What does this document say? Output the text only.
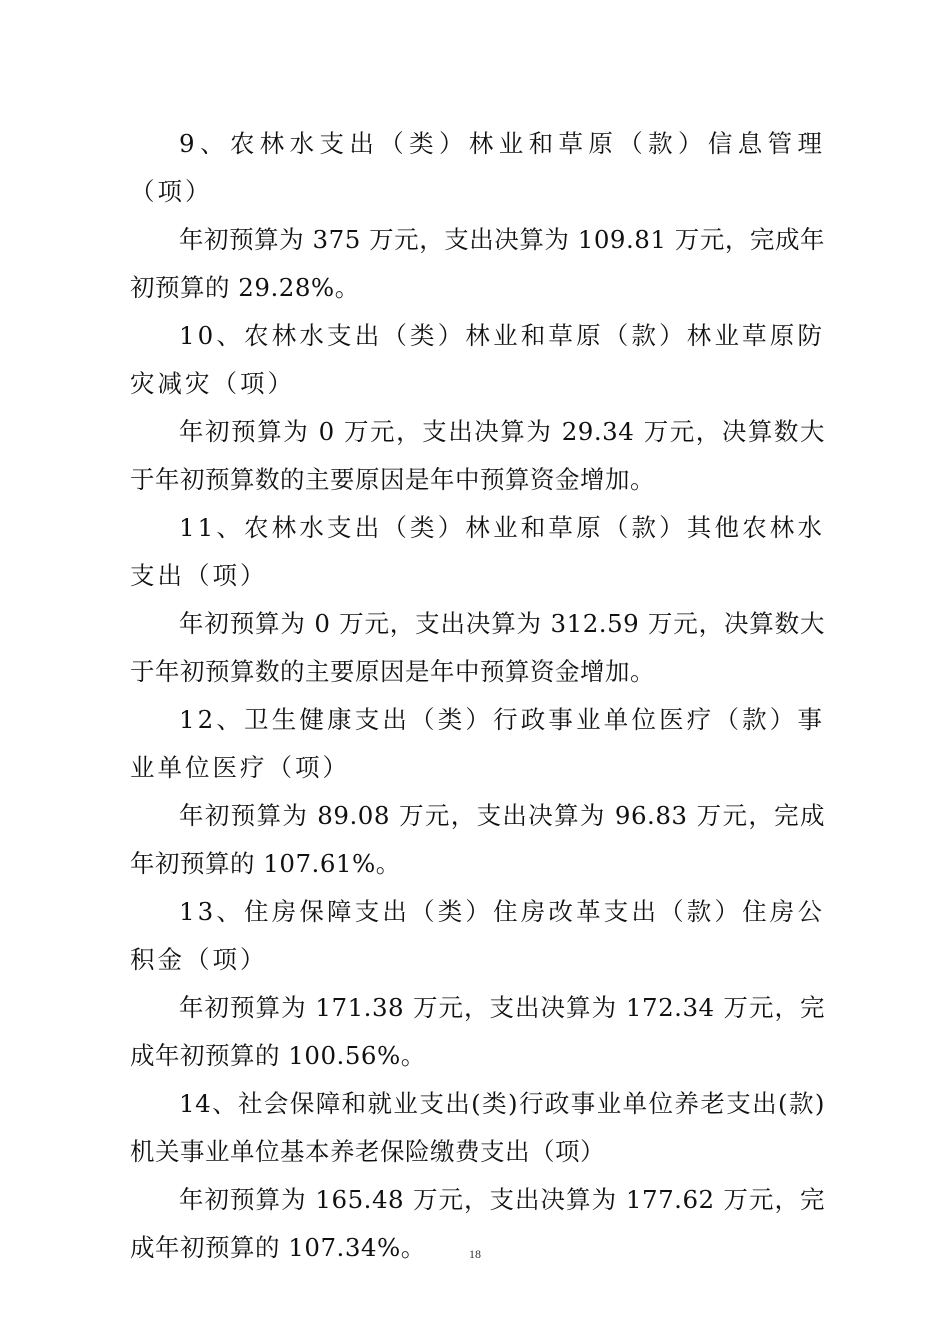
9、农林水支出（类）林业和草原（款）信息管理（项）

年初预算为 375 万元，支出决算为 109.81 万元，完成年初预算的 29.28%。

10、农林水支出（类）林业和草原（款）林业草原防灾减灾（项）

年初预算为 0 万元，支出决算为 29.34 万元，决算数大于年初预算数的主要原因是年中预算资金增加。

11、农林水支出（类）林业和草原（款）其他农林水支出（项）

年初预算为 0 万元，支出决算为 312.59 万元，决算数大于年初预算数的主要原因是年中预算资金增加。

12、卫生健康支出（类）行政事业单位医疗（款）事业单位医疗（项）

年初预算为 89.08 万元，支出决算为 96.83 万元，完成年初预算的 107.61%。

13、住房保障支出（类）住房改革支出（款）住房公积金（项）

年初预算为 171.38 万元，支出决算为 172.34 万元，完成年初预算的 100.56%。

14、社会保障和就业支出(类)行政事业单位养老支出(款)机关事业单位基本养老保险缴费支出（项）

年初预算为 165.48 万元，支出决算为 177.62 万元，完成年初预算的 107.34%。	18
